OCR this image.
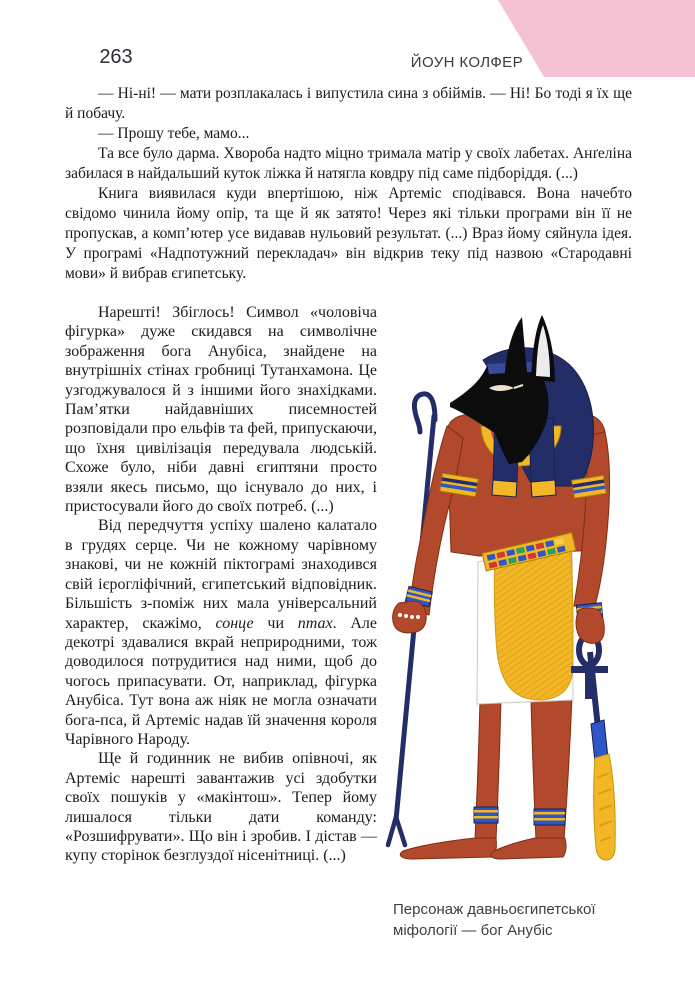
ЙОУН КОЛФЕР
263

— Ні-ні! — мати розплакалась і випустила сина з обіймів. — Ні! Бо тоді я їх ще й побачу.

— Прошу тебе, мамо...

Та все було дарма. Хвороба надто міцно тримала матір у своїх лабетах. Анґеліна забилася в найдальший куток ліжка й натягла ковдру під саме підборіддя. (...)

Книга виявилася куди впертішою, ніж Артеміс сподівався. Вона начебто свідомо чинила йому опір, та ще й як затято! Через які тільки програми він її не пропускав, а комп’ютер усе видавав нульовий результат. (...) Враз йому сяйнула ідея. У програмі «Надпотужний перекладач» він відкрив теку під назвою «Стародавні мови» й вибрав єгипетську.

Нарешті! Збіглось! Символ «чоловіча фігурка» дуже скидався на символічне зображення бога Анубіса, знайдене на внутрішніх стінах гробниці Тутанхамона. Це узгоджувалося й з іншими його знахідками. Пам’ятки найдавніших писемностей розповідали про ельфів та фей, припускаючи, що їхня цивілізація передувала людській. Схоже було, ніби давні єгиптяни просто взяли якесь письмо, що існувало до них, і пристосували його до своїх потреб. (...)

Від передчуття успіху шалено калатало в грудях серце. Чи не кожному чарівному знакові, чи не кожній піктограмі знаходився свій ієрогліфічний, єгипетський відповідник. Більшість з-поміж них мала універсальний характер, скажімо, сонце чи птах. Але декотрі здавалися вкрай неприродними, тож доводилося потрудитися над ними, щоб до чогось припасувати. От, наприклад, фігурка Анубіса. Тут вона аж ніяк не могла означати бога-пса, й Артеміс надав їй значення короля Чарівного Народу.

Ще й годинник не вибив опівночі, як Артеміс нарешті завантажив усі здобутки своїх пошуків у «макінтош». Тепер йому лишалося тільки дати команду: «Розшифрувати». Що він і зробив. І дістав — купу сторінок безглуздої нісенітниці. (...)

Персонаж давньоєгипетської міфології — бог Анубіс
